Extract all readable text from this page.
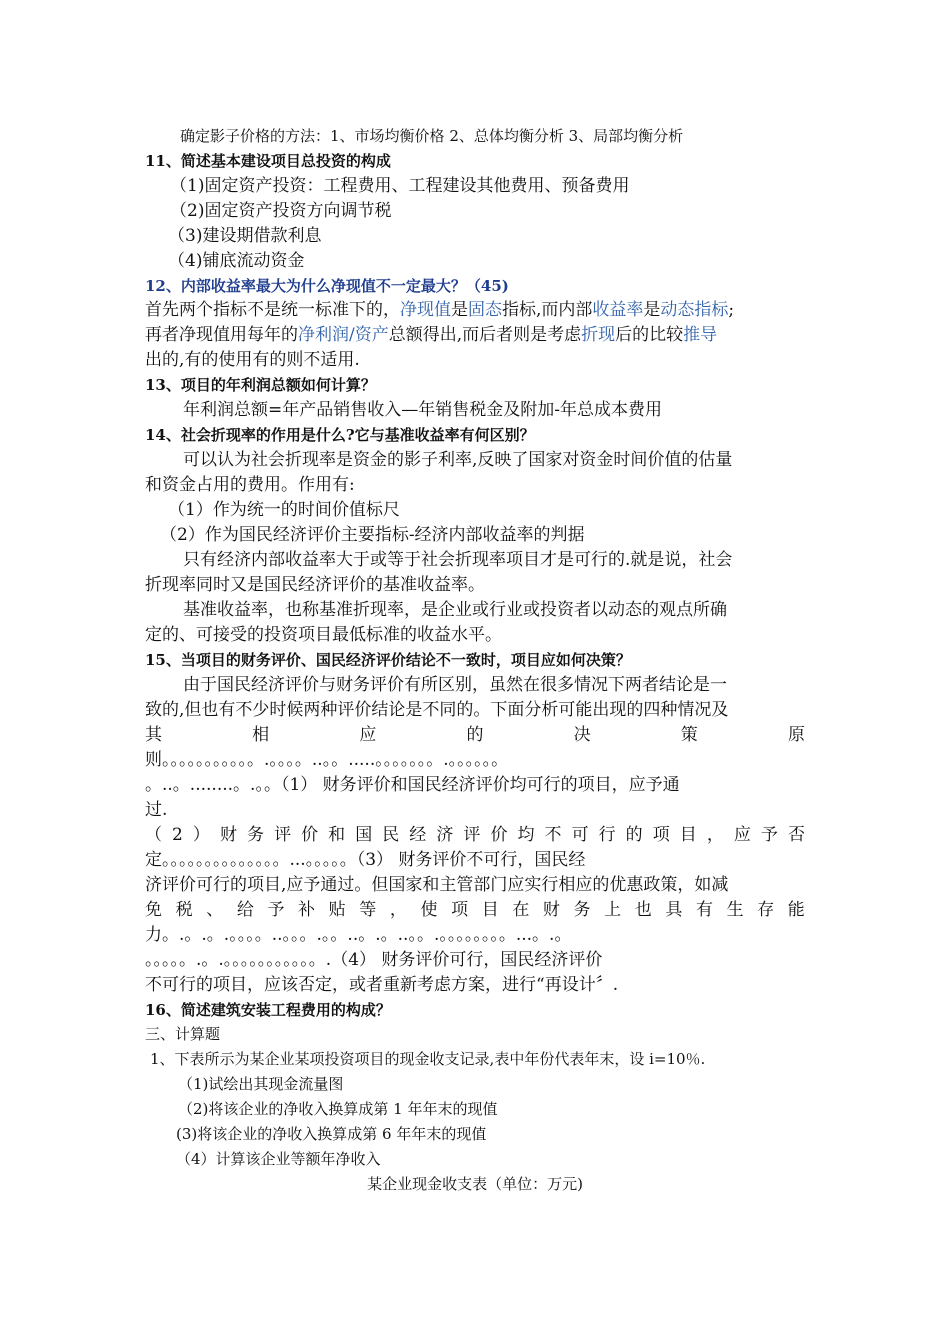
确定影子价格的方法：1、市场均衡价格 2、总体均衡分析 3、局部均衡分析
11、简述基本建设项目总投资的构成
（1)固定资产投资：工程费用、工程建设其他费用、预备费用
（2)固定资产投资方向调节税
（3)建设期借款利息
（4)铺底流动资金
12、内部收益率最大为什么净现值不一定最大？（45)
首先两个指标不是统一标准下的，净现值是固态指标,而内部收益率是动态指标;
再者净现值用每年的净利润/资产总额得出,而后者则是考虑折现后的比较推导
出的,有的使用有的则不适用.
13、项目的年利润总额如何计算？
年利润总额=年产品销售收入—年销售税金及附加-年总成本费用
14、社会折现率的作用是什么?它与基准收益率有何区别？
可以认为社会折现率是资金的影子利率,反映了国家对资金时间价值的估量
和资金占用的费用。作用有:
（1）作为统一的时间价值标尺
（2）作为国民经济评价主要指标-经济内部收益率的判据
只有经济内部收益率大于或等于社会折现率项目才是可行的.就是说，社会
折现率同时又是国民经济评价的基准收益率。
基准收益率，也称基准折现率，是企业或行业或投资者以动态的观点所确
定的、可接受的投资项目最低标准的收益水平。
15、当项目的财务评价、国民经济评价结论不一致时，项目应如何决策？
由于国民经济评价与财务评价有所区别，虽然在很多情况下两者结论是一
致的,但也有不少时候两种评价结论是不同的。下面分析可能出现的四种情况及
其	相	应	的	决	策	原
则。。。。。。。。。。。.。。。。..。。.....。。。。。。。.。。。。。。
。..。........。.。。（1） 财务评价和国民经济评价均可行的项目，应予通
过.
（ 2 ） 财 务 评 价 和 国 民 经 济 评 价 均 不 可 行 的 项 目 ， 应 予 否
定。。。。。。。。。。。。。。...。。。。。（3） 财务评价不可行，国民经
济评价可行的项目,应予通过。但国家和主管部门应实行相应的优惠政策，如减
免 税 、 给 予 补 贴 等 ， 使 项 目 在 财 务 上 也 具 有 生 存 能
力。.。.。.。。。。..。。。.。。..。.。..。。.。。。。。。。。...。.。
。。。。。.。.。。。。。。。。。。。.（4） 财务评价可行，国民经济评价
不可行的项目，应该否定，或者重新考虑方案，进行“再设计〞.
16、简述建筑安装工程费用的构成？
三、计算题
1、下表所示为某企业某项投资项目的现金收支记录,表中年份代表年末，设 i=10％.
（1)试绘出其现金流量图
（2)将该企业的净收入换算成第 1 年年末的现值
(3)将该企业的净收入换算成第 6 年年末的现值
（4）计算该企业等额年净收入
某企业现金收支表（单位：万元)
